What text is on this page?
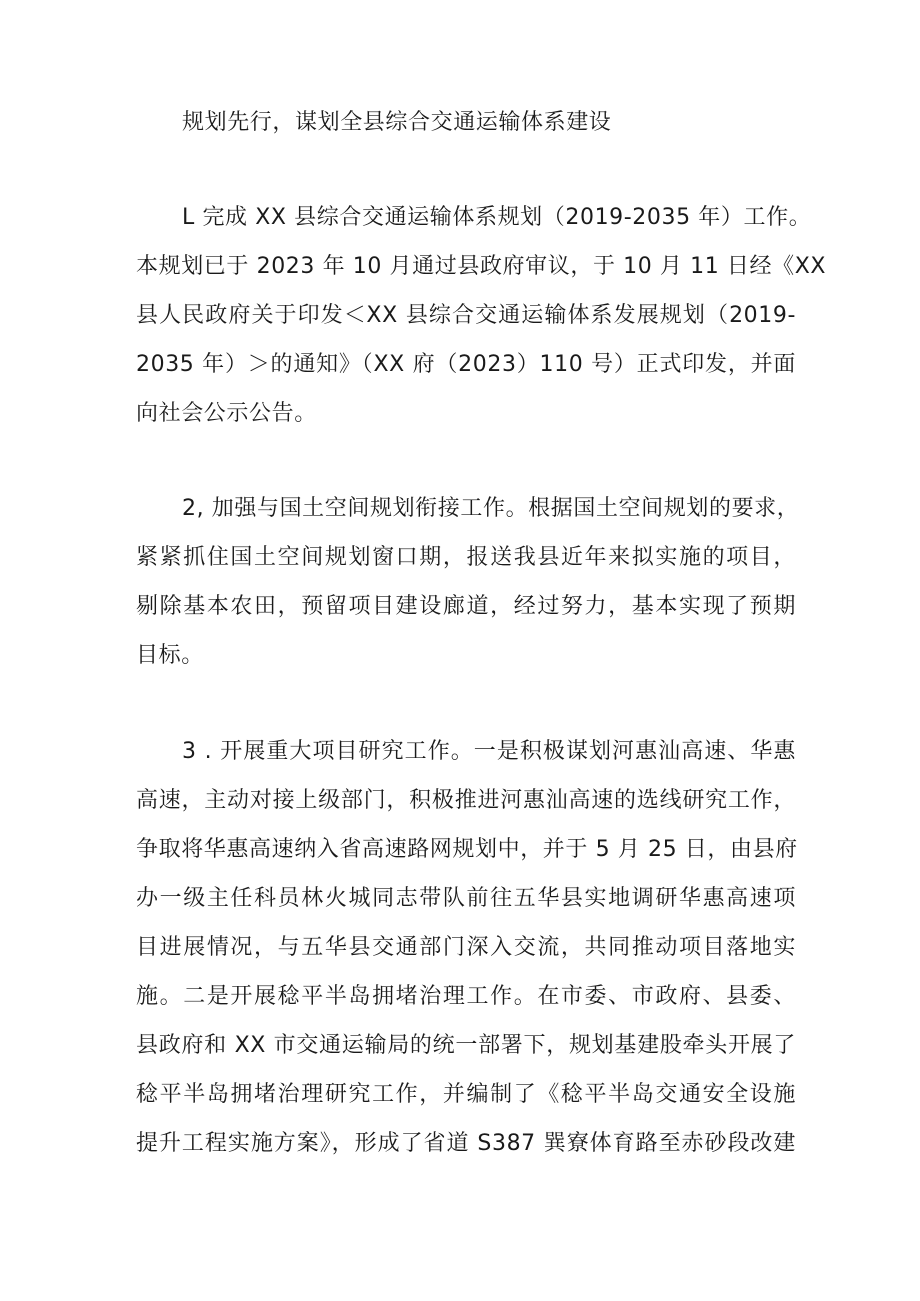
规划先行，谋划全县综合交通运输体系建设
L 完成 XX 县综合交通运输体系规划（2019-2035 年）工作。
本规划已于 2023 年 10 月通过县政府审议，于 10 月 11 日经《XX
县人民政府关于印发＜XX 县综合交通运输体系发展规划（2019-
2035 年）＞的通知》（XX 府（2023）110 号）正式印发，并面
向社会公示公告。
2, 加强与国土空间规划衔接工作。根据国土空间规划的要求，
紧紧抓住国土空间规划窗口期，报送我县近年来拟实施的项目，
剔除基本农田，预留项目建设廊道，经过努力，基本实现了预期
目标。
3 . 开展重大项目研究工作。一是积极谋划河惠汕高速、华惠
高速，主动对接上级部门，积极推进河惠汕高速的选线研究工作，
争取将华惠高速纳入省高速路网规划中，并于 5 月 25 日，由县府
办一级主任科员林火城同志带队前往五华县实地调研华惠高速项
目进展情况，与五华县交通部门深入交流，共同推动项目落地实
施。二是开展稔平半岛拥堵治理工作。在市委、市政府、县委、
县政府和 XX 市交通运输局的统一部署下，规划基建股牵头开展了
稔平半岛拥堵治理研究工作，并编制了《稔平半岛交通安全设施
提升工程实施方案》，形成了省道 S387 巽寮体育路至赤砂段改建
